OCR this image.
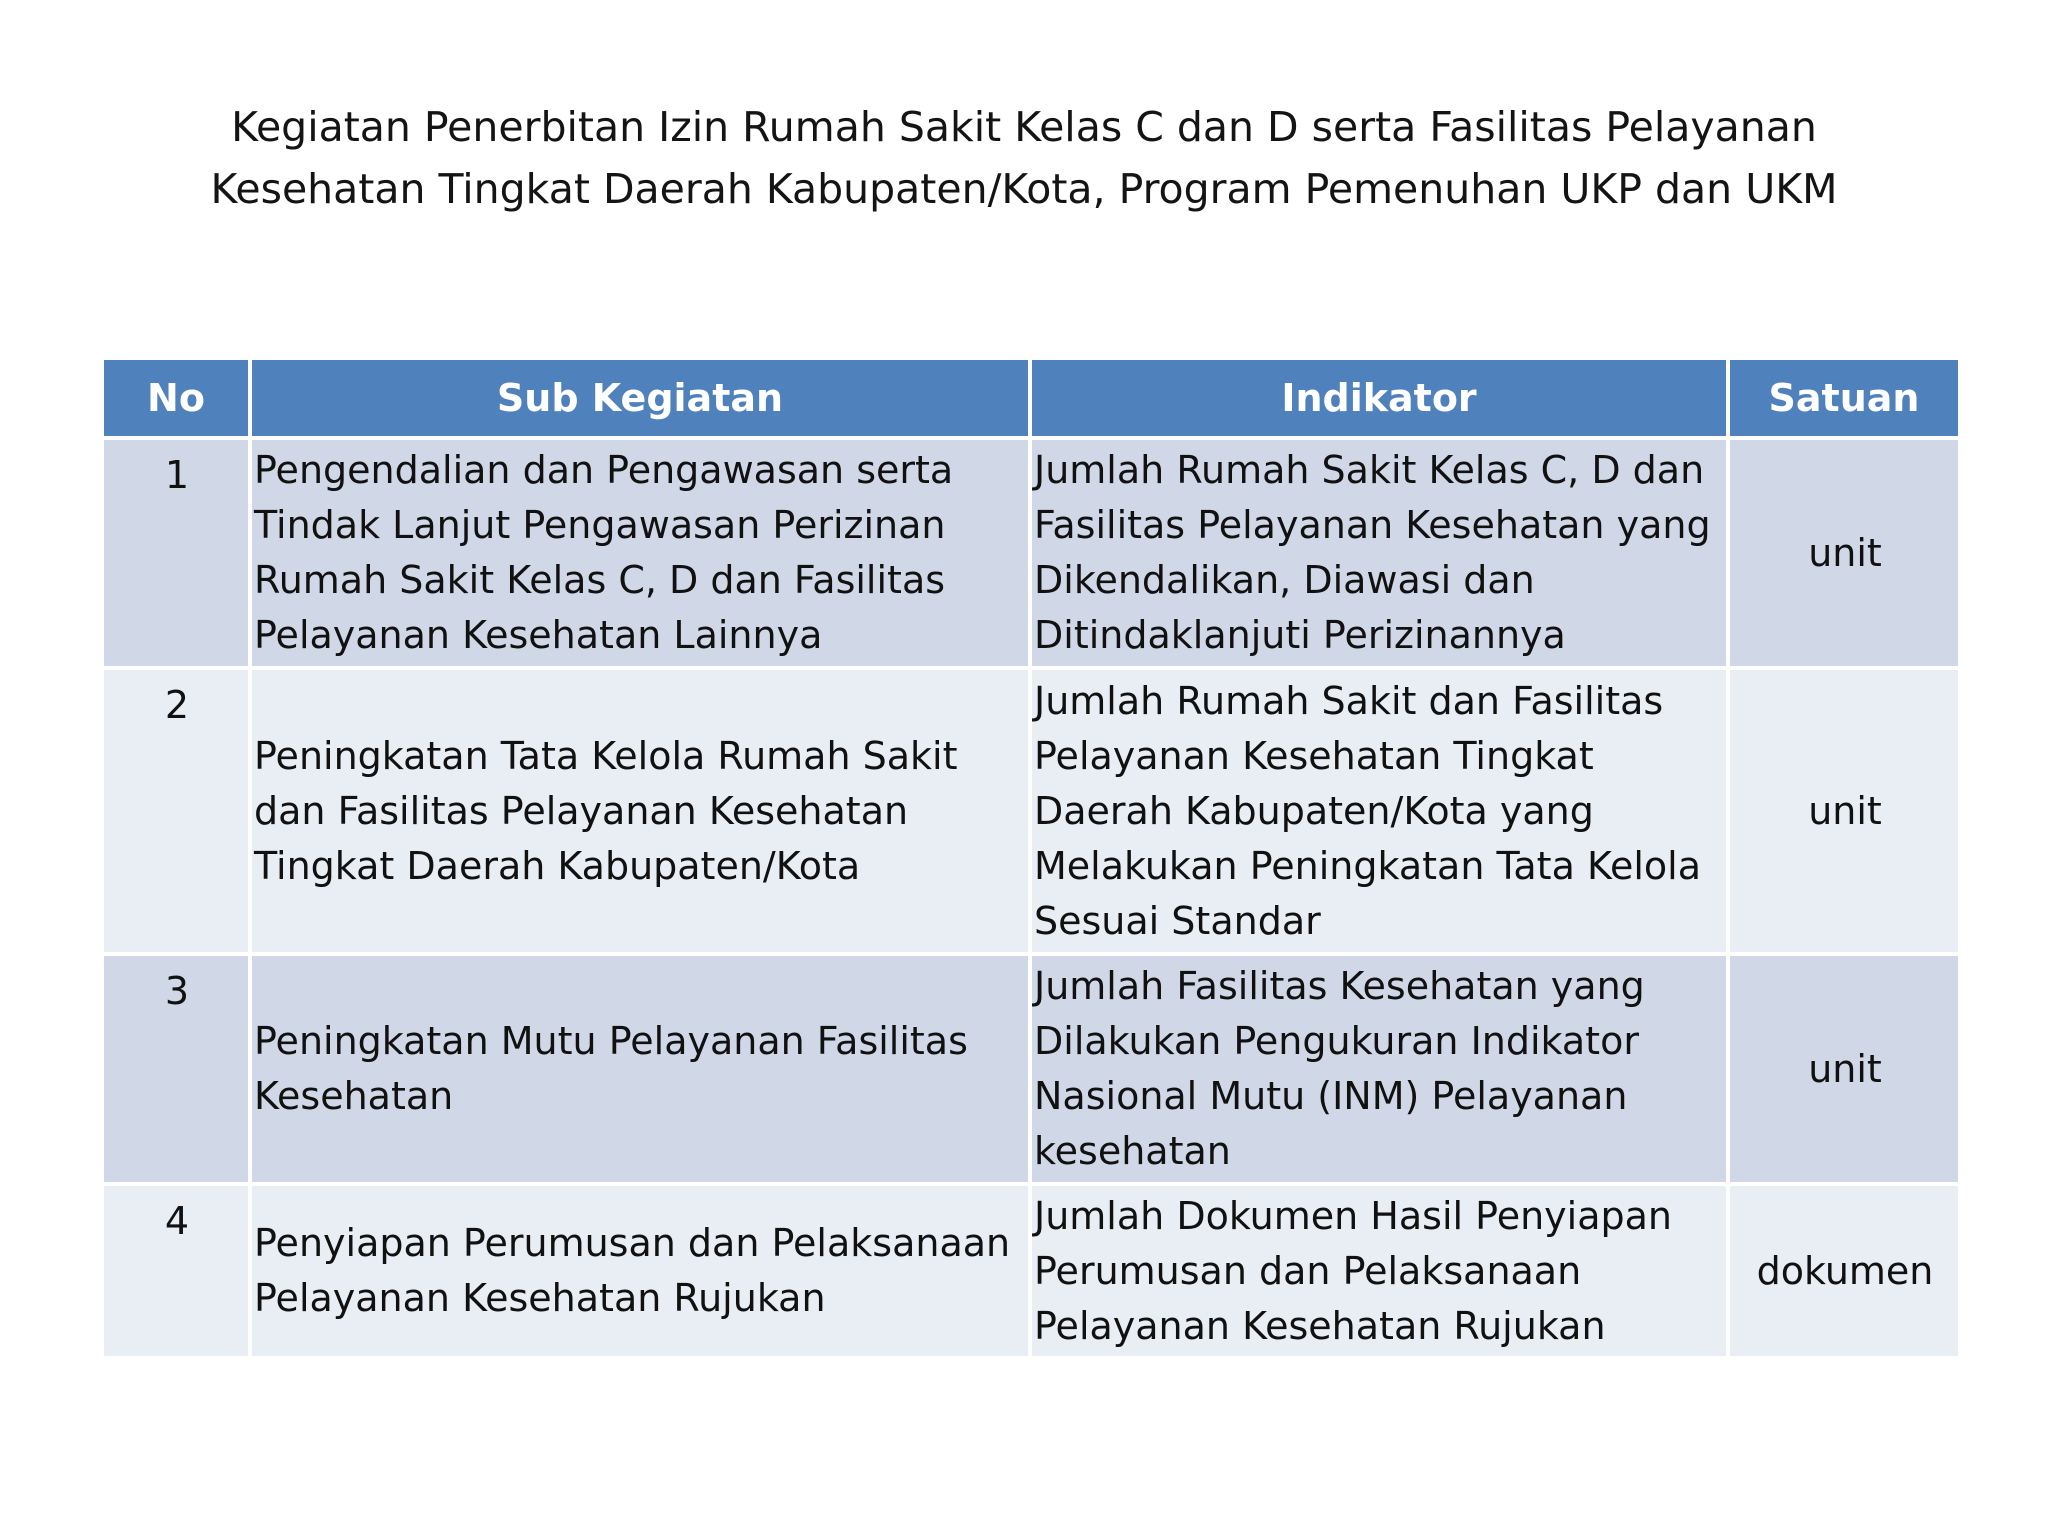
Kegiatan Penerbitan Izin Rumah Sakit Kelas C dan D serta Fasilitas Pelayanan
Kesehatan Tingkat Daerah Kabupaten/Kota, Program Pemenuhan UKP dan UKM
No	Sub Kegiatan	Indikator	Satuan
1	Pengendalian dan Pengawasan serta Tindak Lanjut Pengawasan Perizinan Rumah Sakit Kelas C, D dan Fasilitas Pelayanan Kesehatan Lainnya	Jumlah Rumah Sakit Kelas C, D dan Fasilitas Pelayanan Kesehatan yang Dikendalikan, Diawasi dan Ditindaklanjuti Perizinannya	unit
2	Peningkatan Tata Kelola Rumah Sakit dan Fasilitas Pelayanan Kesehatan Tingkat Daerah Kabupaten/Kota	Jumlah Rumah Sakit dan Fasilitas Pelayanan Kesehatan Tingkat Daerah Kabupaten/Kota yang Melakukan Peningkatan Tata Kelola Sesuai Standar	unit
3	Peningkatan Mutu Pelayanan Fasilitas Kesehatan	Jumlah Fasilitas Kesehatan yang Dilakukan Pengukuran Indikator Nasional Mutu (INM) Pelayanan kesehatan	unit
4	Penyiapan Perumusan dan Pelaksanaan Pelayanan Kesehatan Rujukan	Jumlah Dokumen Hasil Penyiapan Perumusan dan Pelaksanaan Pelayanan Kesehatan Rujukan	dokumen
